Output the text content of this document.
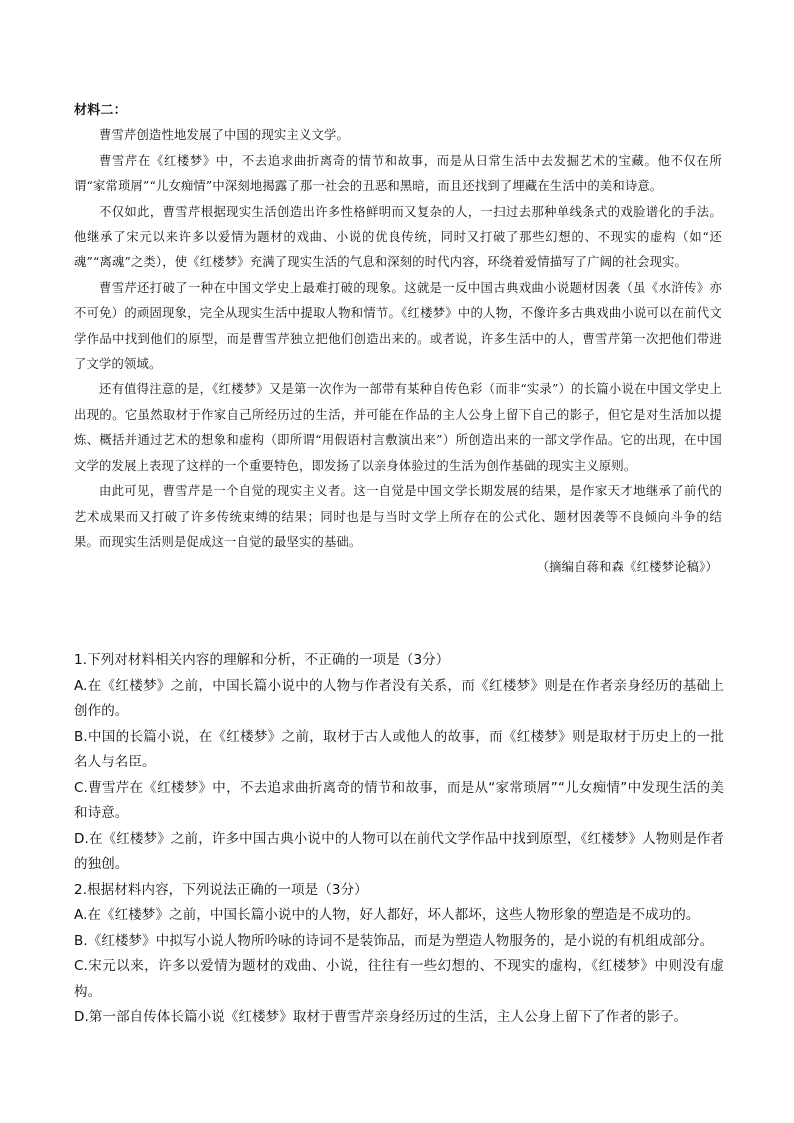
材料二：

曹雪芹创造性地发展了中国的现实主义文学。

曹雪芹在《红楼梦》中，不去追求曲折离奇的情节和故事，而是从日常生活中去发掘艺术的宝藏。他不仅在所谓“家常琐屑”“儿女痴情”中深刻地揭露了那一社会的丑恶和黑暗，而且还找到了埋藏在生活中的美和诗意。

不仅如此，曹雪芹根据现实生活创造出许多性格鲜明而又复杂的人，一扫过去那种单线条式的戏脸谱化的手法。他继承了宋元以来许多以爱情为题材的戏曲、小说的优良传统，同时又打破了那些幻想的、不现实的虚构（如“还魂”“离魂”之类），使《红楼梦》充满了现实生活的气息和深刻的时代内容，环绕着爱情描写了广阔的社会现实。

曹雪芹还打破了一种在中国文学史上最难打破的现象。这就是一反中国古典戏曲小说题材因袭（虽《水浒传》亦不可免）的顽固现象，完全从现实生活中提取人物和情节。《红楼梦》中的人物，不像许多古典戏曲小说可以在前代文学作品中找到他们的原型，而是曹雪芹独立把他们创造出来的。或者说，许多生活中的人，曹雪芹第一次把他们带进了文学的领域。

还有值得注意的是，《红楼梦》又是第一次作为一部带有某种自传色彩（而非“实录”）的长篇小说在中国文学史上出现的。它虽然取材于作家自己所经历过的生活，并可能在作品的主人公身上留下自己的影子，但它是对生活加以提炼、概括并通过艺术的想象和虚构（即所谓“用假语村言敷演出来”）所创造出来的一部文学作品。它的出现，在中国文学的发展上表现了这样的一个重要特色，即发扬了以亲身体验过的生活为创作基础的现实主义原则。

由此可见，曹雪芹是一个自觉的现实主义者。这一自觉是中国文学长期发展的结果，是作家天才地继承了前代的艺术成果而又打破了许多传统束缚的结果；同时也是与当时文学上所存在的公式化、题材因袭等不良倾向斗争的结果。而现实生活则是促成这一自觉的最坚实的基础。

（摘编自蒋和森《红楼梦论稿》）

1.下列对材料相关内容的理解和分析，不正确的一项是（3分）

A.在《红楼梦》之前，中国长篇小说中的人物与作者没有关系，而《红楼梦》则是在作者亲身经历的基础上创作的。

B.中国的长篇小说，在《红楼梦》之前，取材于古人或他人的故事，而《红楼梦》则是取材于历史上的一批名人与名臣。

C.曹雪芹在《红楼梦》中，不去追求曲折离奇的情节和故事，而是从“家常琐屑”“儿女痴情”中发现生活的美和诗意。

D.在《红楼梦》之前，许多中国古典小说中的人物可以在前代文学作品中找到原型，《红楼梦》人物则是作者的独创。

2.根据材料内容，下列说法正确的一项是（3分）

A.在《红楼梦》之前，中国长篇小说中的人物，好人都好，坏人都坏，这些人物形象的塑造是不成功的。

B.《红楼梦》中拟写小说人物所吟咏的诗词不是装饰品，而是为塑造人物服务的，是小说的有机组成部分。

C.宋元以来，许多以爱情为题材的戏曲、小说，往往有一些幻想的、不现实的虚构，《红楼梦》中则没有虚构。

D.第一部自传体长篇小说《红楼梦》取材于曹雪芹亲身经历过的生活，主人公身上留下了作者的影子。
